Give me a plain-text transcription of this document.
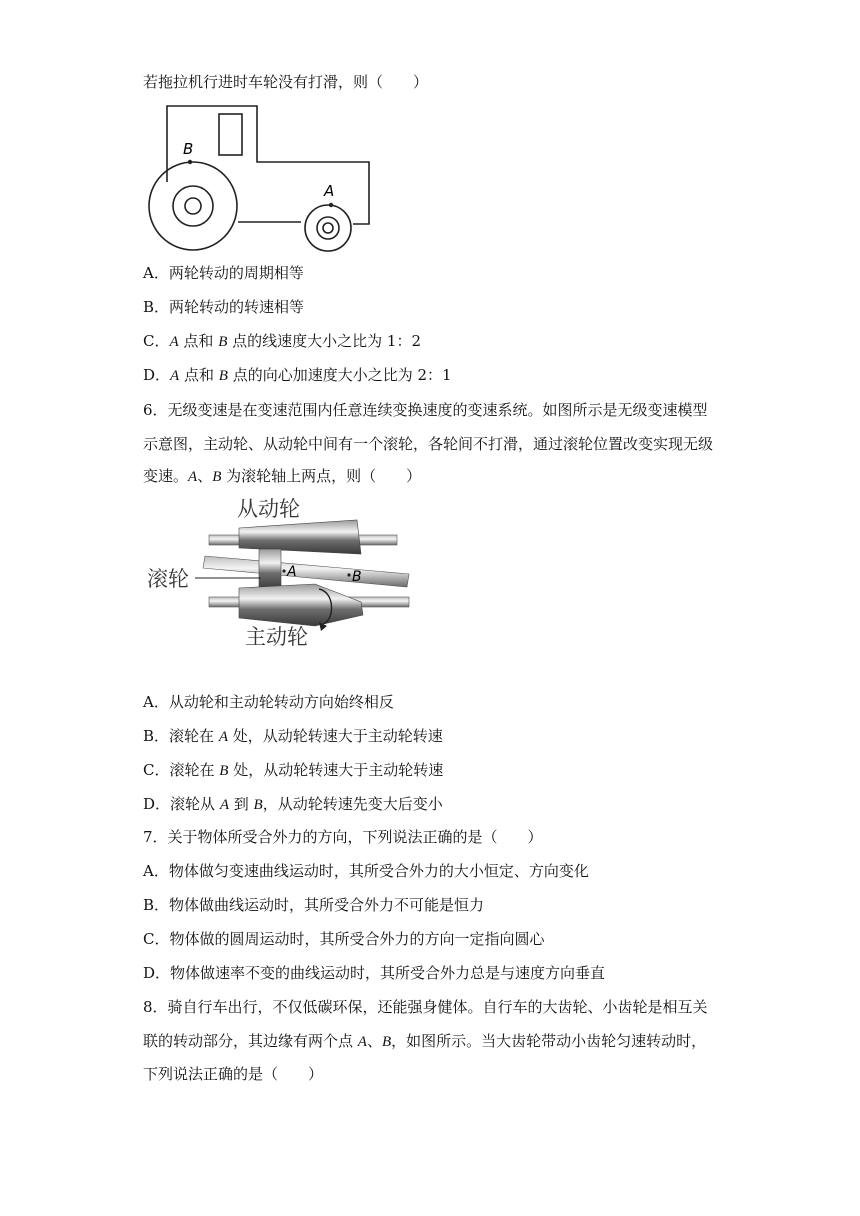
若拖拉机行进时车轮没有打滑，则（　　）
B
A
A．两轮转动的周期相等
B．两轮转动的转速相等
C．A 点和 B 点的线速度大小之比为 1：2
D．A 点和 B 点的向心加速度大小之比为 2：1
6．无级变速是在变速范围内任意连续变换速度的变速系统。如图所示是无级变速模型
示意图，主动轮、从动轮中间有一个滚轮，各轮间不打滑，通过滚轮位置改变实现无级
变速。A、B 为滚轮轴上两点，则（　　）
A	B
从动轮
滚轮
主动轮
A．从动轮和主动轮转动方向始终相反
B．滚轮在 A 处，从动轮转速大于主动轮转速
C．滚轮在 B 处，从动轮转速大于主动轮转速
D．滚轮从 A 到 B，从动轮转速先变大后变小
7．关于物体所受合外力的方向，下列说法正确的是（　　）
A．物体做匀变速曲线运动时，其所受合外力的大小恒定、方向变化
B．物体做曲线运动时，其所受合外力不可能是恒力
C．物体做的圆周运动时，其所受合外力的方向一定指向圆心
D．物体做速率不变的曲线运动时，其所受合外力总是与速度方向垂直
8．骑自行车出行，不仅低碳环保，还能强身健体。自行车的大齿轮、小齿轮是相互关
联的转动部分，其边缘有两个点 A、B，如图所示。当大齿轮带动小齿轮匀速转动时，
下列说法正确的是（　　）
